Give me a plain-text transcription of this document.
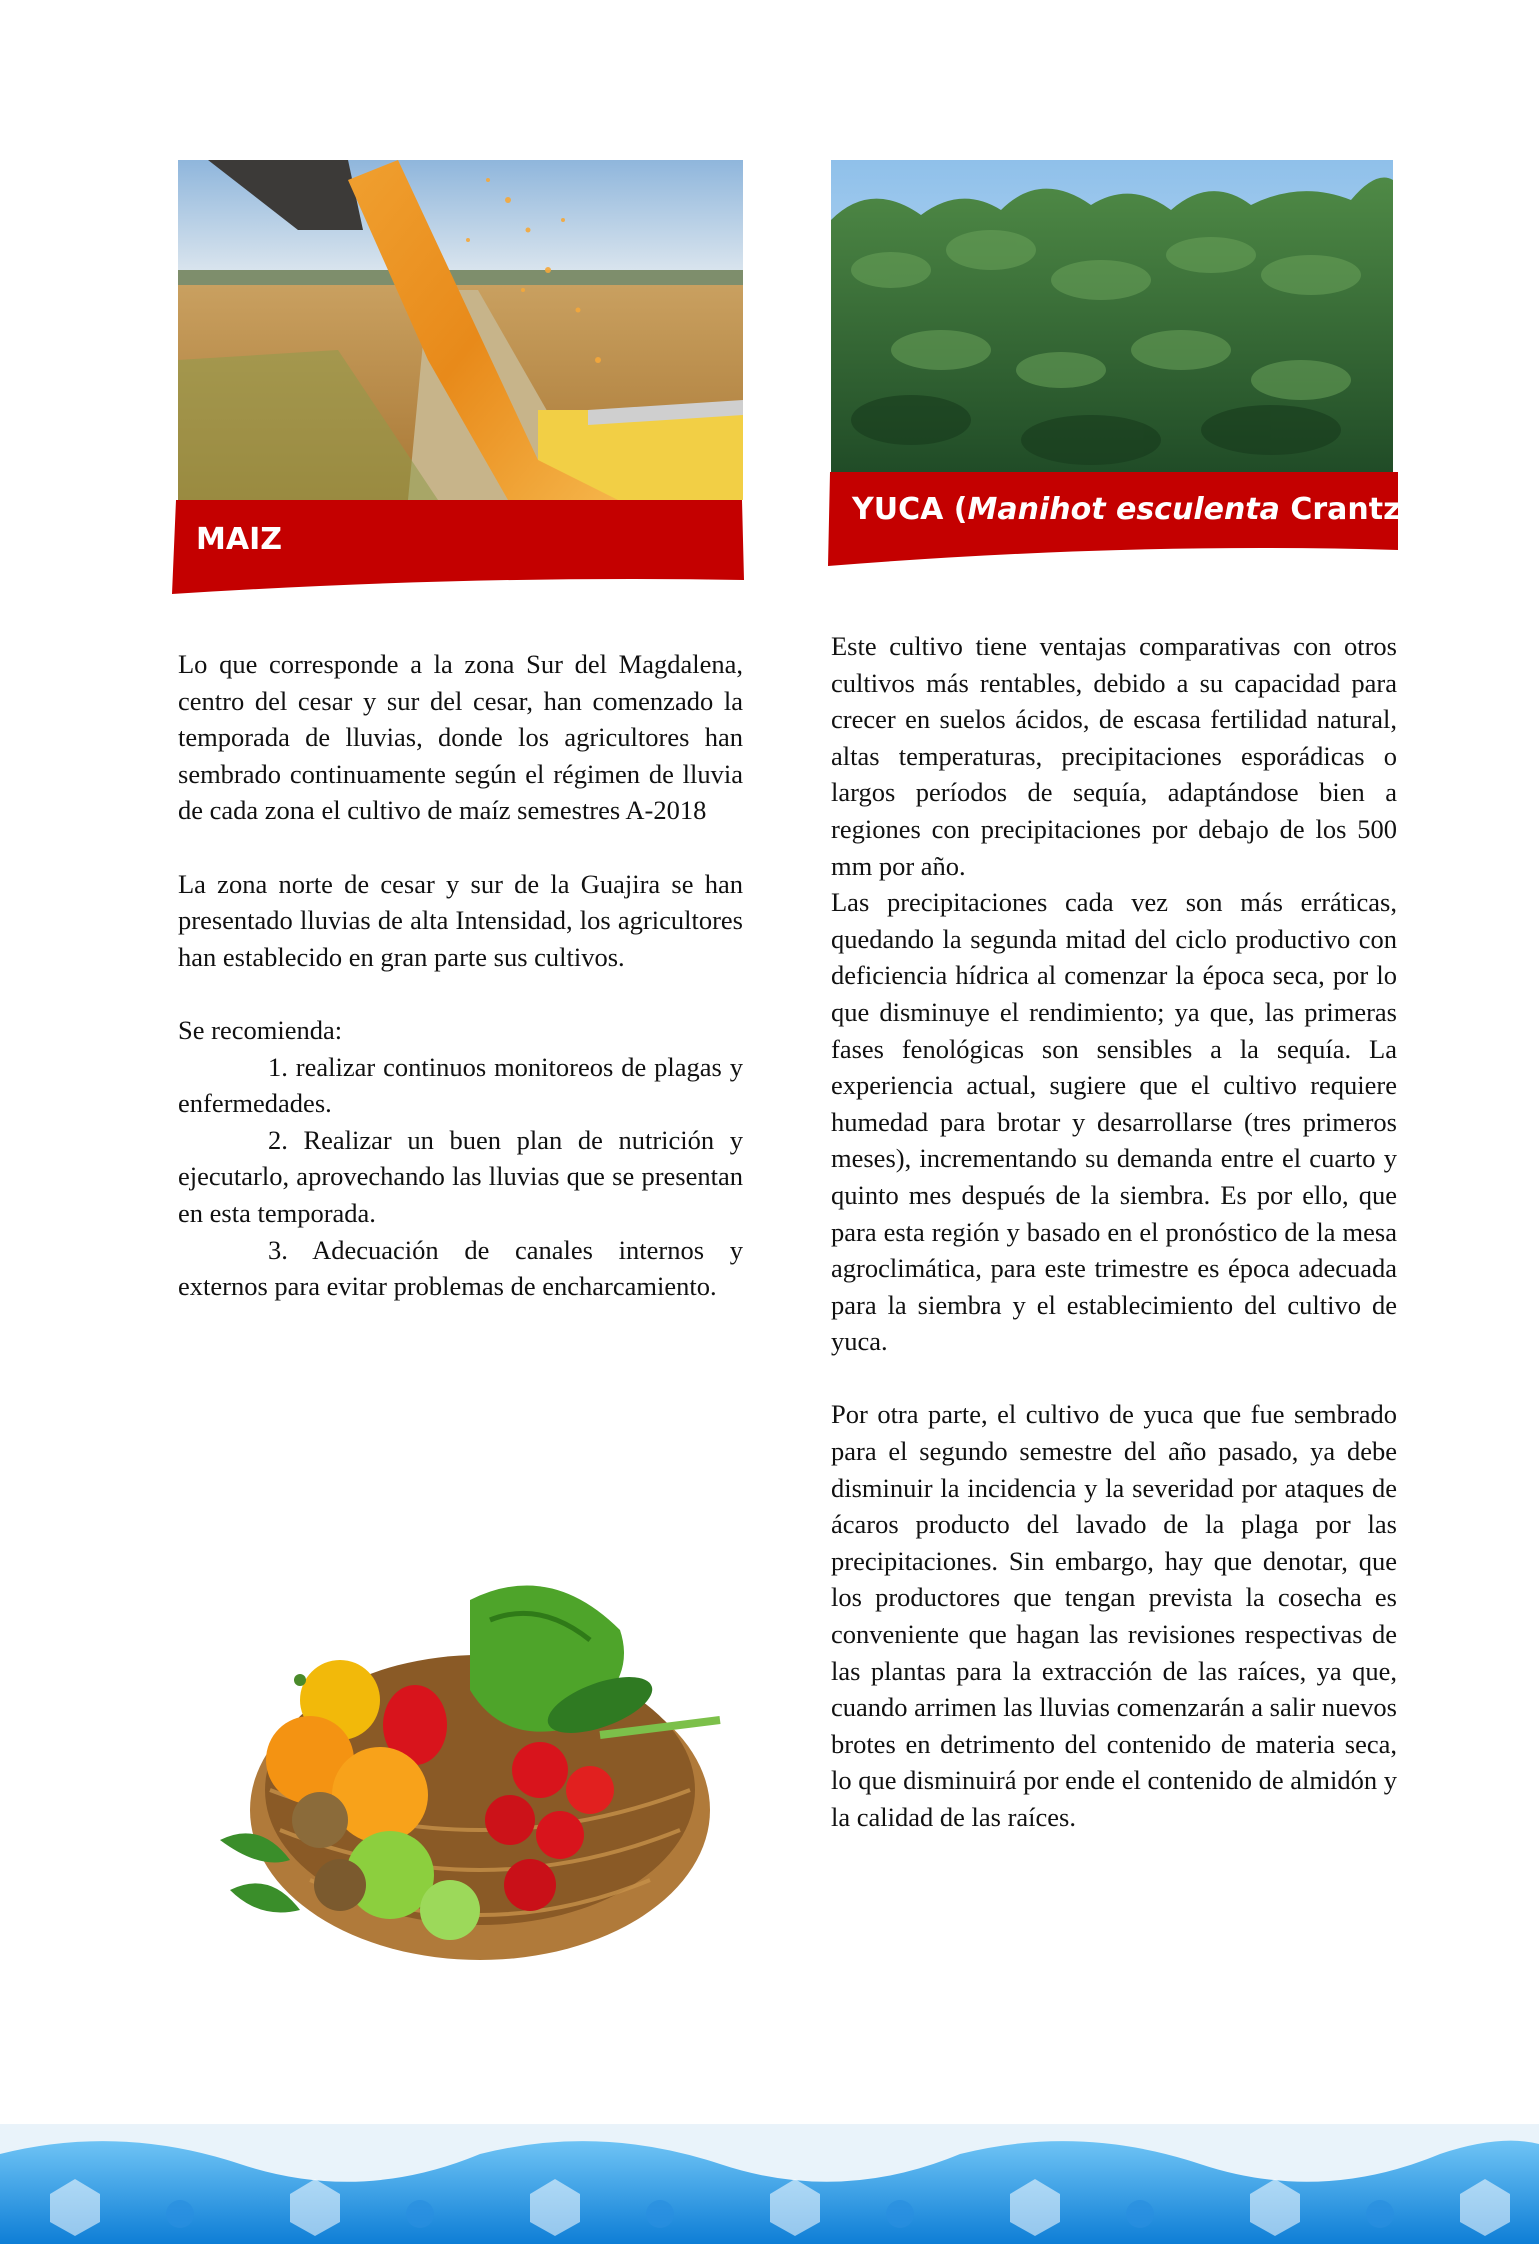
MAIZ
YUCA (Manihot esculenta Crantz)

Lo que corresponde a la zona Sur del Magdalena, centro del cesar y sur del cesar, han comenzado la temporada de lluvias, donde los agricultores han sembrado continuamente según el régimen de lluvia de cada zona el cultivo de maíz semestres A-2018

La zona norte de cesar y sur de la Guajira se han presentado lluvias de alta Intensidad, los agricultores han establecido en gran parte sus cultivos.

Se recomienda:

1. realizar continuos monitoreos de plagas y enfermedades.

2. Realizar un buen plan de nutrición y ejecutarlo, aprovechando las lluvias que se presentan en esta temporada.

3. Adecuación de canales internos y externos para evitar problemas de encharcamiento.

Este cultivo tiene ventajas comparativas con otros cultivos más rentables, debido a su capacidad para crecer en suelos ácidos, de escasa fertilidad natural, altas temperaturas, precipitaciones esporádicas o largos períodos de sequía, adaptándose bien a regiones con precipitaciones por debajo de los 500 mm por año.

Las precipitaciones cada vez son más erráticas, quedando la segunda mitad del ciclo productivo con deficiencia hídrica al comenzar la época seca, por lo que disminuye el rendimiento; ya que, las primeras fases fenológicas son sensibles a la sequía. La experiencia actual, sugiere que el cultivo requiere humedad para brotar y desarrollarse (tres primeros meses), incrementando su demanda entre el cuarto y quinto mes después de la siembra. Es por ello, que para esta región y basado en el pronóstico de la mesa agroclimática, para este trimestre es época adecuada para la siembra y el establecimiento del cultivo de yuca.

Por otra parte, el cultivo de yuca que fue sembrado para el segundo semestre del año pasado, ya debe disminuir la incidencia y la severidad por ataques de ácaros producto del lavado de la plaga por las precipitaciones. Sin embargo, hay que denotar, que los productores que tengan prevista la cosecha es conveniente que hagan las revisiones respectivas de las plantas para la extracción de las raíces, ya que, cuando arrimen las lluvias comenzarán a salir nuevos brotes en detrimento del contenido de materia seca, lo que disminuirá por ende el contenido de almidón y la calidad de las raíces.
